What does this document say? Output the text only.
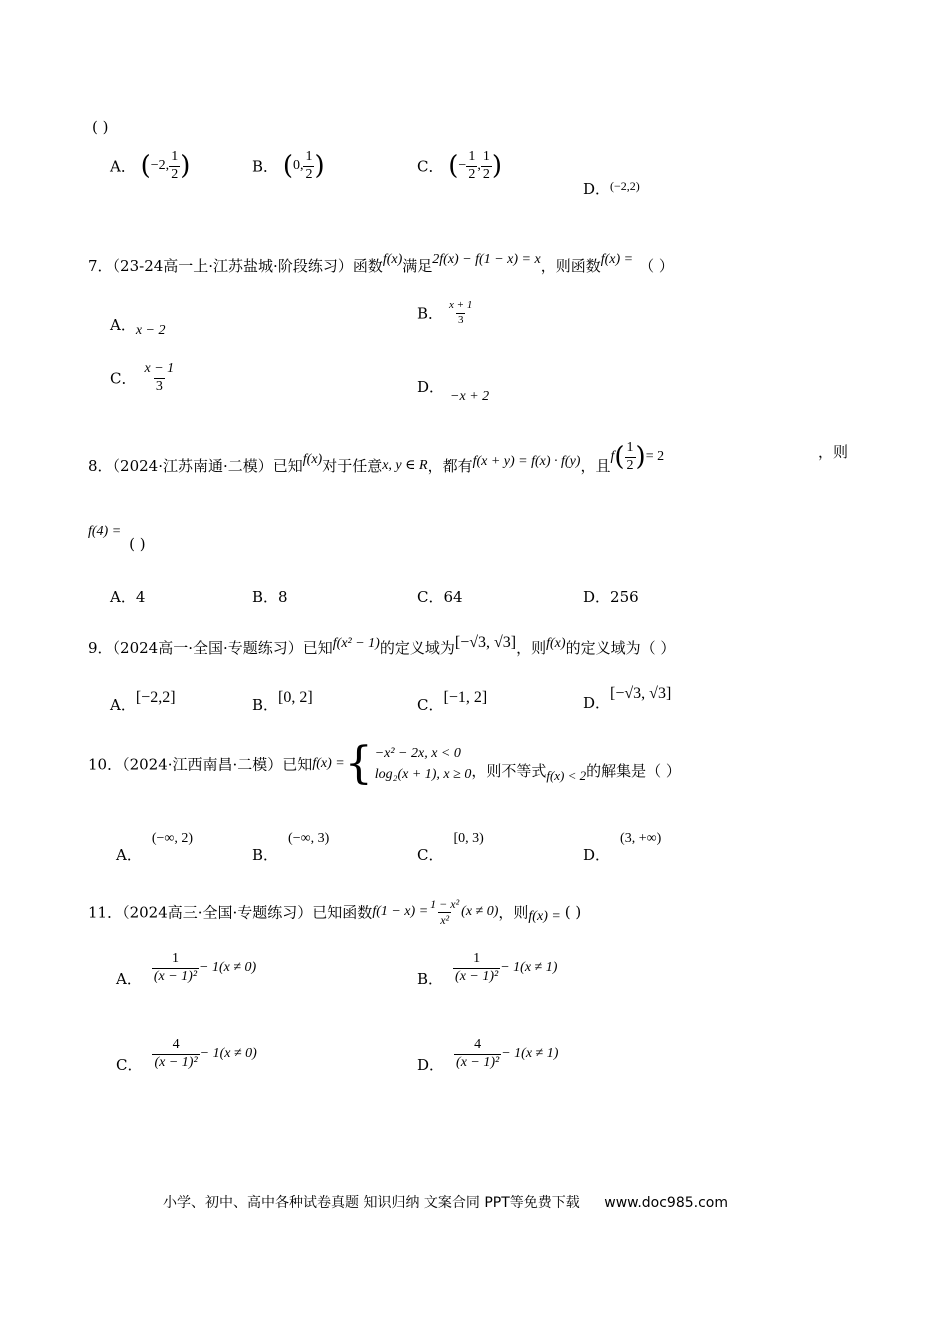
( )
A． (−2, $\frac{1}{2}$ )	B． (0, $\frac{1}{2}$ )	C． (− $\frac{1}{2}$ , $\frac{1}{2}$ )
D．$^{(-2,2)}$
7．（23-24高一上·江苏盐城·阶段练习）函数f(x)满足2f(x) − f(1 − x) = x，则函数f(x) = （ ）
A．x − 2
B． $\frac{x + 1}{3}$
C． $\frac{x - 1}{3}$	D．−x + 2
8．（2024·江苏南通·二模）已知f(x)对于任意x, y ∈ R，都有f(x + y) = f(x) · f(y)，且$f( \frac{1}{2}$ )= 2	，则
f(4) =( )
A．4	B．8	C．64	D．256
9．（2024高一·全国·专题练习）已知f(x² − 1)的定义域为[−√3, √3]，则f(x)的定义域为（ ）
A．[−2,2]	B．[0, 2]	C．[−1, 2]	D．[−√3, √3]
10．（2024·江西南昌·二模）已知f(x) = { −x² − 2x, x < 0
log₂(x + 1), x ≥ 0 ，则不等式f(x) < 2的解集是（ ）
A．(−∞, 2)
B．(−∞, 3)
C．[0, 3)
D．(3, +∞)
11．（2024高三·全国·专题练习）已知函数$f(1 - x) = \frac{\text{1 − x²}}{\text{x²}} (x \ne 0)$，则f(x) = ( )
A． $\frac{1}{\text{(x − 1)²}} - 1(x \ne 0)$
B． $\frac{1}{\text{(x − 1)²}} - 1(x \ne 1)$
C． $\frac{4}{\text{(x − 1)²}} - 1(x \ne 0)$
D． $\frac{4}{\text{(x − 1)²}} - 1(x \ne 1)$
小学、初中、高中各种试卷真题 知识归纳 文案合同 PPT等免费下载 www.doc985.com
